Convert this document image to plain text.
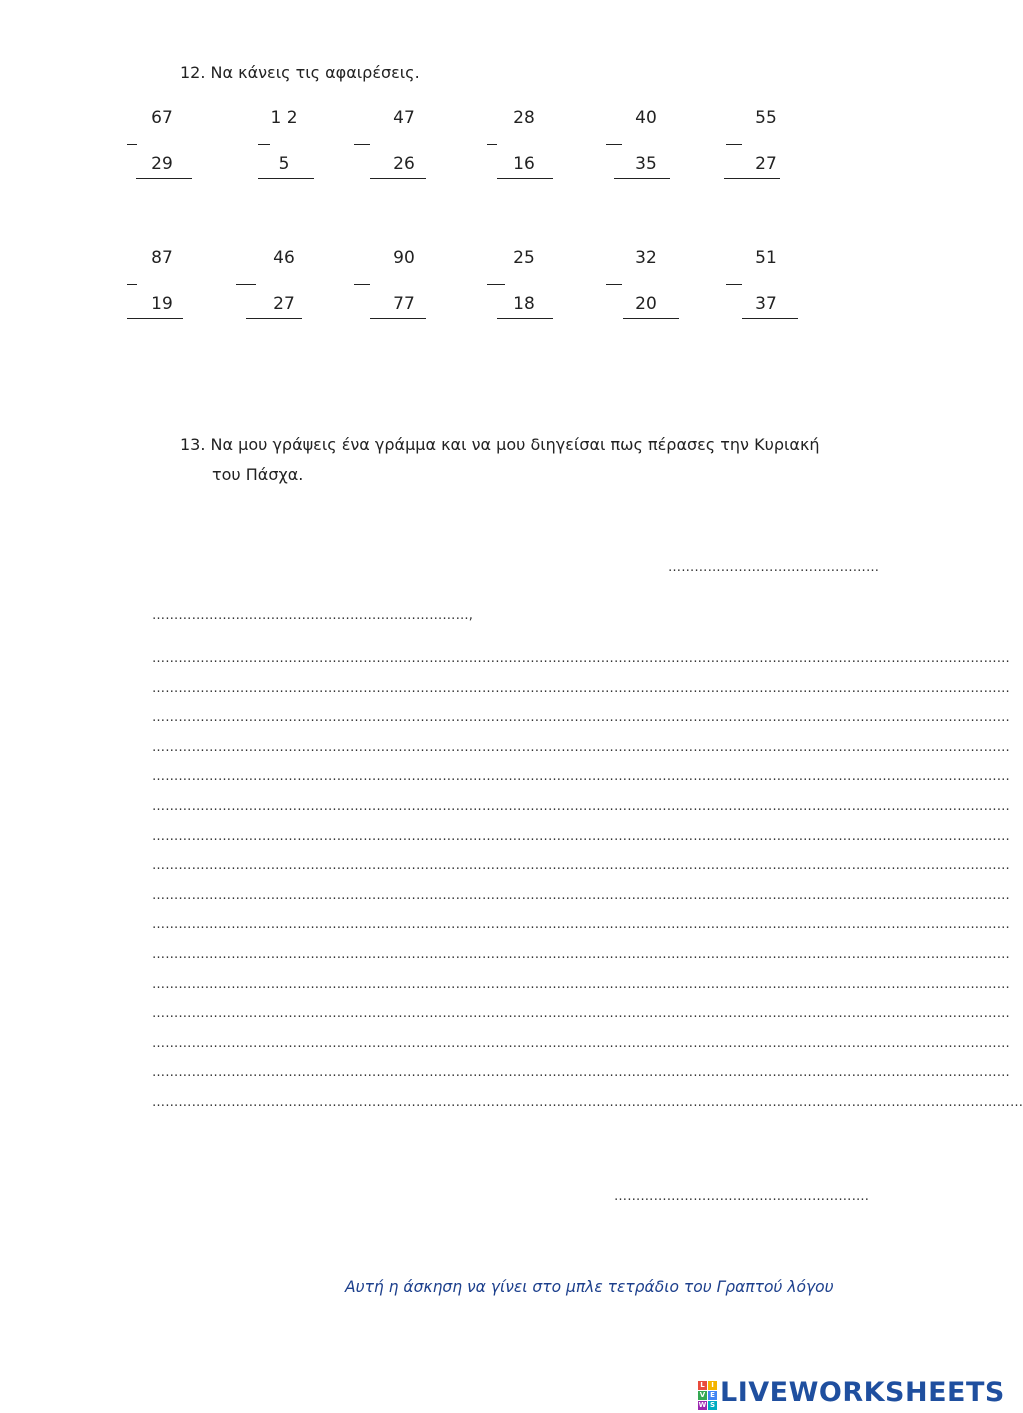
12. Να κάνεις τις αφαιρέσεις.
67
29
1 2
5
47
26
28
16
40
35
55
27
87
19
46
27
90
77
25
18
32
20
51
37
13. Να μου γράψεις ένα γράμμα και να μου διηγείσαι πως πέρασες την Κυριακή
του Πάσχα.
…………………………………………
………………………………………………………………,
……………………………………………………………………………………………………………………………………………………………………………
……………………………………………………………………………………………………………………………………………………………………………
……………………………………………………………………………………………………………………………………………………………………………
……………………………………………………………………………………………………………………………………………………………………………
……………………………………………………………………………………………………………………………………………………………………………
……………………………………………………………………………………………………………………………………………………………………………
……………………………………………………………………………………………………………………………………………………………………………
……………………………………………………………………………………………………………………………………………………………………………
……………………………………………………………………………………………………………………………………………………………………………
……………………………………………………………………………………………………………………………………………………………………………
……………………………………………………………………………………………………………………………………………………………………………
……………………………………………………………………………………………………………………………………………………………………………
……………………………………………………………………………………………………………………………………………………………………………
……………………………………………………………………………………………………………………………………………………………………………
……………………………………………………………………………………………………………………………………………………………………………
………………………………………………………………………………………………………………………………………………………………………………
………………………………………………….
Αυτή η άσκηση να γίνει στο μπλε τετράδιο του Γραπτού λόγου
L I
V E
W S LIVEWORKSHEETS
